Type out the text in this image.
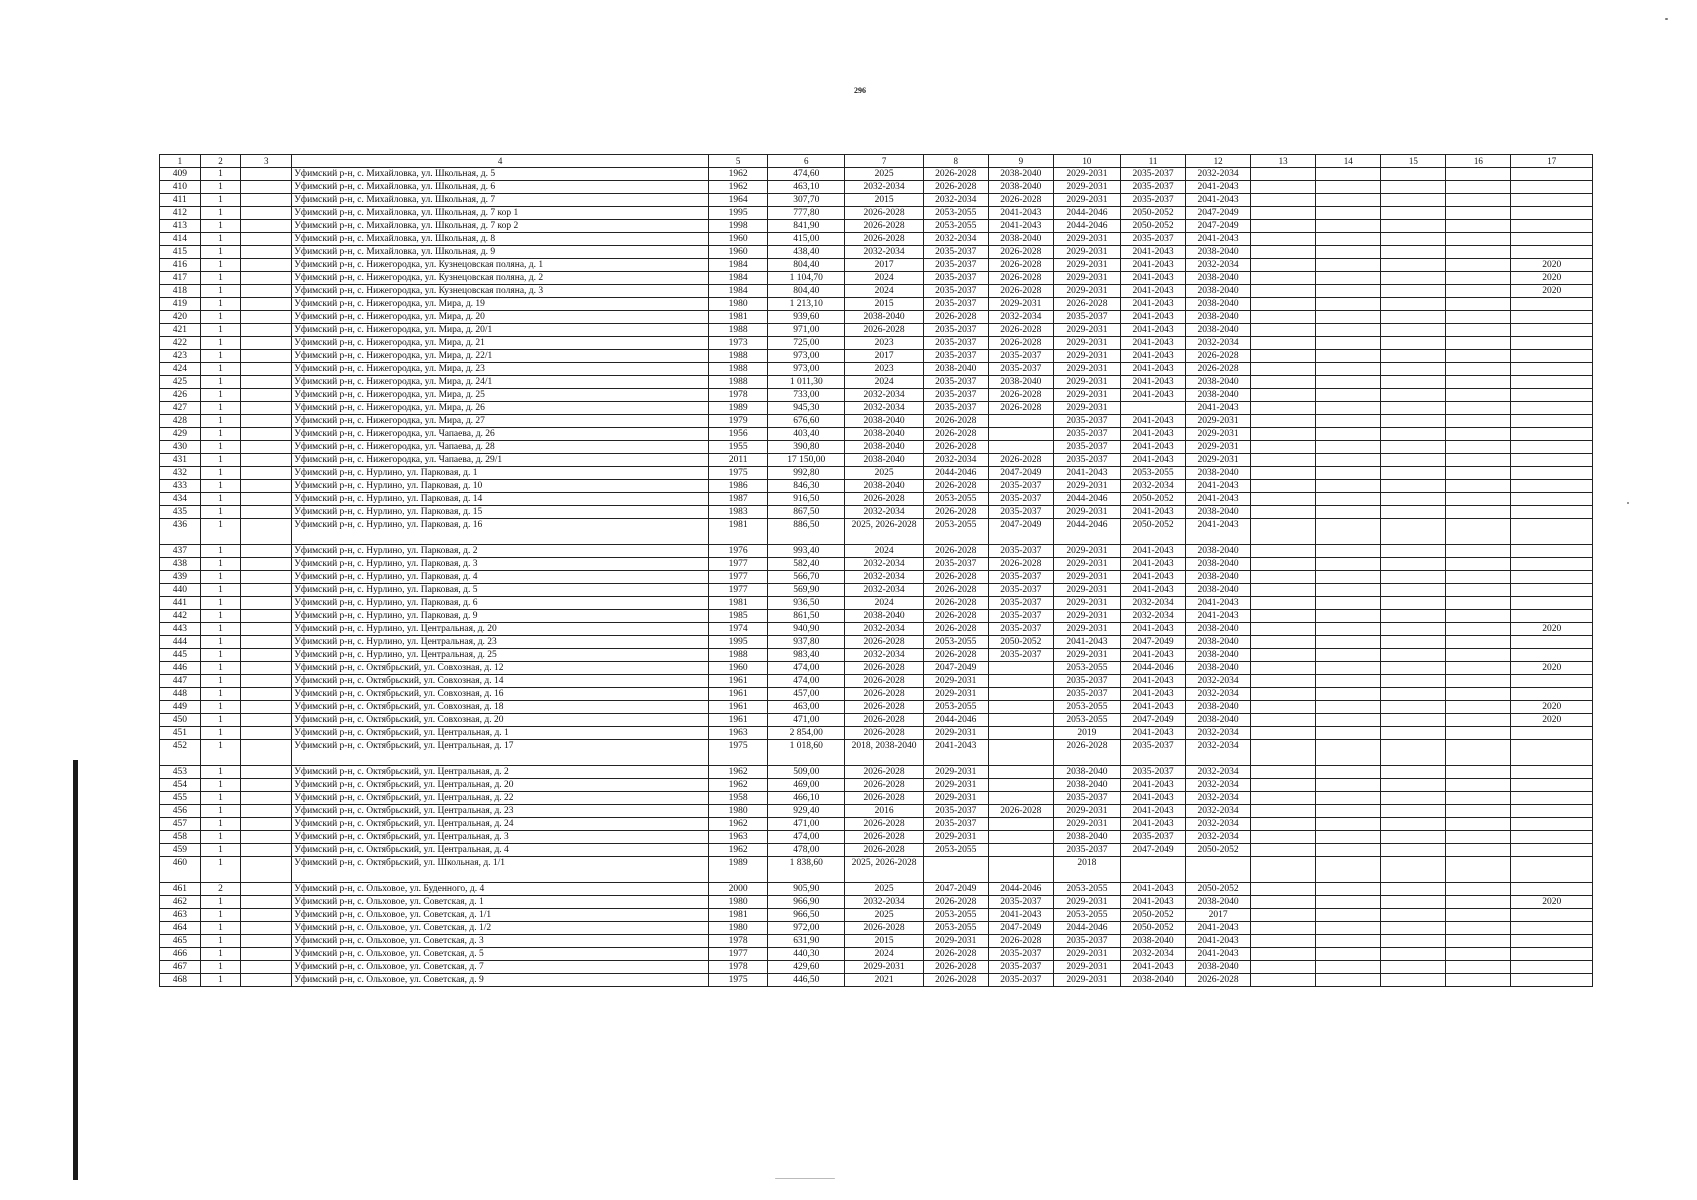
296
1	2	3	4	5	6	7	8	9	10	11	12	13	14	15	16	17
409	1		Уфимский р-н, с. Михайловка, ул. Школьная, д. 5	1962	474,60	2025	2026-2028	2038-2040	2029-2031	2035-2037	2032-2034					
410	1		Уфимский р-н, с. Михайловка, ул. Школьная, д. 6	1962	463,10	2032-2034	2026-2028	2038-2040	2029-2031	2035-2037	2041-2043					
411	1		Уфимский р-н, с. Михайловка, ул. Школьная, д. 7	1964	307,70	2015	2032-2034	2026-2028	2029-2031	2035-2037	2041-2043					
412	1		Уфимский р-н, с. Михайловка, ул. Школьная, д. 7 кор 1	1995	777,80	2026-2028	2053-2055	2041-2043	2044-2046	2050-2052	2047-2049					
413	1		Уфимский р-н, с. Михайловка, ул. Школьная, д. 7 кор 2	1998	841,90	2026-2028	2053-2055	2041-2043	2044-2046	2050-2052	2047-2049					
414	1		Уфимский р-н, с. Михайловка, ул. Школьная, д. 8	1960	415,00	2026-2028	2032-2034	2038-2040	2029-2031	2035-2037	2041-2043					
415	1		Уфимский р-н, с. Михайловка, ул. Школьная, д. 9	1960	438,40	2032-2034	2035-2037	2026-2028	2029-2031	2041-2043	2038-2040					
416	1		Уфимский р-н, с. Нижегородка, ул. Кузнецовская поляна, д. 1	1984	804,40	2017	2035-2037	2026-2028	2029-2031	2041-2043	2032-2034					2020
417	1		Уфимский р-н, с. Нижегородка, ул. Кузнецовская поляна, д. 2	1984	1 104,70	2024	2035-2037	2026-2028	2029-2031	2041-2043	2038-2040					2020
418	1		Уфимский р-н, с. Нижегородка, ул. Кузнецовская поляна, д. 3	1984	804,40	2024	2035-2037	2026-2028	2029-2031	2041-2043	2038-2040					2020
419	1		Уфимский р-н, с. Нижегородка, ул. Мира, д. 19	1980	1 213,10	2015	2035-2037	2029-2031	2026-2028	2041-2043	2038-2040					
420	1		Уфимский р-н, с. Нижегородка, ул. Мира, д. 20	1981	939,60	2038-2040	2026-2028	2032-2034	2035-2037	2041-2043	2038-2040					
421	1		Уфимский р-н, с. Нижегородка, ул. Мира, д. 20/1	1988	971,00	2026-2028	2035-2037	2026-2028	2029-2031	2041-2043	2038-2040					
422	1		Уфимский р-н, с. Нижегородка, ул. Мира, д. 21	1973	725,00	2023	2035-2037	2026-2028	2029-2031	2041-2043	2032-2034					
423	1		Уфимский р-н, с. Нижегородка, ул. Мира, д. 22/1	1988	973,00	2017	2035-2037	2035-2037	2029-2031	2041-2043	2026-2028					
424	1		Уфимский р-н, с. Нижегородка, ул. Мира, д. 23	1988	973,00	2023	2038-2040	2035-2037	2029-2031	2041-2043	2026-2028					
425	1		Уфимский р-н, с. Нижегородка, ул. Мира, д. 24/1	1988	1 011,30	2024	2035-2037	2038-2040	2029-2031	2041-2043	2038-2040					
426	1		Уфимский р-н, с. Нижегородка, ул. Мира, д. 25	1978	733,00	2032-2034	2035-2037	2026-2028	2029-2031	2041-2043	2038-2040					
427	1		Уфимский р-н, с. Нижегородка, ул. Мира, д. 26	1989	945,30	2032-2034	2035-2037	2026-2028	2029-2031		2041-2043					
428	1		Уфимский р-н, с. Нижегородка, ул. Мира, д. 27	1979	676,60	2038-2040	2026-2028		2035-2037	2041-2043	2029-2031					
429	1		Уфимский р-н, с. Нижегородка, ул. Чапаева, д. 26	1956	403,40	2038-2040	2026-2028		2035-2037	2041-2043	2029-2031					
430	1		Уфимский р-н, с. Нижегородка, ул. Чапаева, д. 28	1955	390,80	2038-2040	2026-2028		2035-2037	2041-2043	2029-2031					
431	1		Уфимский р-н, с. Нижегородка, ул. Чапаева, д. 29/1	2011	17 150,00	2038-2040	2032-2034	2026-2028	2035-2037	2041-2043	2029-2031					
432	1		Уфимский р-н, с. Нурлино, ул. Парковая, д. 1	1975	992,80	2025	2044-2046	2047-2049	2041-2043	2053-2055	2038-2040					
433	1		Уфимский р-н, с. Нурлино, ул. Парковая, д. 10	1986	846,30	2038-2040	2026-2028	2035-2037	2029-2031	2032-2034	2041-2043					
434	1		Уфимский р-н, с. Нурлино, ул. Парковая, д. 14	1987	916,50	2026-2028	2053-2055	2035-2037	2044-2046	2050-2052	2041-2043					
435	1		Уфимский р-н, с. Нурлино, ул. Парковая, д. 15	1983	867,50	2032-2034	2026-2028	2035-2037	2029-2031	2041-2043	2038-2040					
436	1		Уфимский р-н, с. Нурлино, ул. Парковая, д. 16	1981	886,50	2025, 2026-2028	2053-2055	2047-2049	2044-2046	2050-2052	2041-2043					
437	1		Уфимский р-н, с. Нурлино, ул. Парковая, д. 2	1976	993,40	2024	2026-2028	2035-2037	2029-2031	2041-2043	2038-2040					
438	1		Уфимский р-н, с. Нурлино, ул. Парковая, д. 3	1977	582,40	2032-2034	2035-2037	2026-2028	2029-2031	2041-2043	2038-2040					
439	1		Уфимский р-н, с. Нурлино, ул. Парковая, д. 4	1977	566,70	2032-2034	2026-2028	2035-2037	2029-2031	2041-2043	2038-2040					
440	1		Уфимский р-н, с. Нурлино, ул. Парковая, д. 5	1977	569,90	2032-2034	2026-2028	2035-2037	2029-2031	2041-2043	2038-2040					
441	1		Уфимский р-н, с. Нурлино, ул. Парковая, д. 6	1981	936,50	2024	2026-2028	2035-2037	2029-2031	2032-2034	2041-2043					
442	1		Уфимский р-н, с. Нурлино, ул. Парковая, д. 9	1985	861,50	2038-2040	2026-2028	2035-2037	2029-2031	2032-2034	2041-2043					
443	1		Уфимский р-н, с. Нурлино, ул. Центральная, д. 20	1974	940,90	2032-2034	2026-2028	2035-2037	2029-2031	2041-2043	2038-2040					2020
444	1		Уфимский р-н, с. Нурлино, ул. Центральная, д. 23	1995	937,80	2026-2028	2053-2055	2050-2052	2041-2043	2047-2049	2038-2040					
445	1		Уфимский р-н, с. Нурлино, ул. Центральная, д. 25	1988	983,40	2032-2034	2026-2028	2035-2037	2029-2031	2041-2043	2038-2040					
446	1		Уфимский р-н, с. Октябрьский, ул. Совхозная, д. 12	1960	474,00	2026-2028	2047-2049		2053-2055	2044-2046	2038-2040					2020
447	1		Уфимский р-н, с. Октябрьский, ул. Совхозная, д. 14	1961	474,00	2026-2028	2029-2031		2035-2037	2041-2043	2032-2034					
448	1		Уфимский р-н, с. Октябрьский, ул. Совхозная, д. 16	1961	457,00	2026-2028	2029-2031		2035-2037	2041-2043	2032-2034					
449	1		Уфимский р-н, с. Октябрьский, ул. Совхозная, д. 18	1961	463,00	2026-2028	2053-2055		2053-2055	2041-2043	2038-2040					2020
450	1		Уфимский р-н, с. Октябрьский, ул. Совхозная, д. 20	1961	471,00	2026-2028	2044-2046		2053-2055	2047-2049	2038-2040					2020
451	1		Уфимский р-н, с. Октябрьский, ул. Центральная, д. 1	1963	2 854,00	2026-2028	2029-2031		2019	2041-2043	2032-2034					
452	1		Уфимский р-н, с. Октябрьский, ул. Центральная, д. 17	1975	1 018,60	2018, 2038-2040	2041-2043		2026-2028	2035-2037	2032-2034					
453	1		Уфимский р-н, с. Октябрьский, ул. Центральная, д. 2	1962	509,00	2026-2028	2029-2031		2038-2040	2035-2037	2032-2034					
454	1		Уфимский р-н, с. Октябрьский, ул. Центральная, д. 20	1962	469,00	2026-2028	2029-2031		2038-2040	2041-2043	2032-2034					
455	1		Уфимский р-н, с. Октябрьский, ул. Центральная, д. 22	1958	466,10	2026-2028	2029-2031		2035-2037	2041-2043	2032-2034					
456	1		Уфимский р-н, с. Октябрьский, ул. Центральная, д. 23	1980	929,40	2016	2035-2037	2026-2028	2029-2031	2041-2043	2032-2034					
457	1		Уфимский р-н, с. Октябрьский, ул. Центральная, д. 24	1962	471,00	2026-2028	2035-2037		2029-2031	2041-2043	2032-2034					
458	1		Уфимский р-н, с. Октябрьский, ул. Центральная, д. 3	1963	474,00	2026-2028	2029-2031		2038-2040	2035-2037	2032-2034					
459	1		Уфимский р-н, с. Октябрьский, ул. Центральная, д. 4	1962	478,00	2026-2028	2053-2055		2035-2037	2047-2049	2050-2052					
460	1		Уфимский р-н, с. Октябрьский, ул. Школьная, д. 1/1	1989	1 838,60	2025, 2026-2028			2018							
461	2		Уфимский р-н, с. Ольховое, ул. Буденного, д. 4	2000	905,90	2025	2047-2049	2044-2046	2053-2055	2041-2043	2050-2052					
462	1		Уфимский р-н, с. Ольховое, ул. Советская, д. 1	1980	966,90	2032-2034	2026-2028	2035-2037	2029-2031	2041-2043	2038-2040					2020
463	1		Уфимский р-н, с. Ольховое, ул. Советская, д. 1/1	1981	966,50	2025	2053-2055	2041-2043	2053-2055	2050-2052	2017					
464	1		Уфимский р-н, с. Ольховое, ул. Советская, д. 1/2	1980	972,00	2026-2028	2053-2055	2047-2049	2044-2046	2050-2052	2041-2043					
465	1		Уфимский р-н, с. Ольховое, ул. Советская, д. 3	1978	631,90	2015	2029-2031	2026-2028	2035-2037	2038-2040	2041-2043					
466	1		Уфимский р-н, с. Ольховое, ул. Советская, д. 5	1977	440,30	2024	2026-2028	2035-2037	2029-2031	2032-2034	2041-2043					
467	1		Уфимский р-н, с. Ольховое, ул. Советская, д. 7	1978	429,60	2029-2031	2026-2028	2035-2037	2029-2031	2041-2043	2038-2040					
468	1		Уфимский р-н, с. Ольховое, ул. Советская, д. 9	1975	446,50	2021	2026-2028	2035-2037	2029-2031	2038-2040	2026-2028					
